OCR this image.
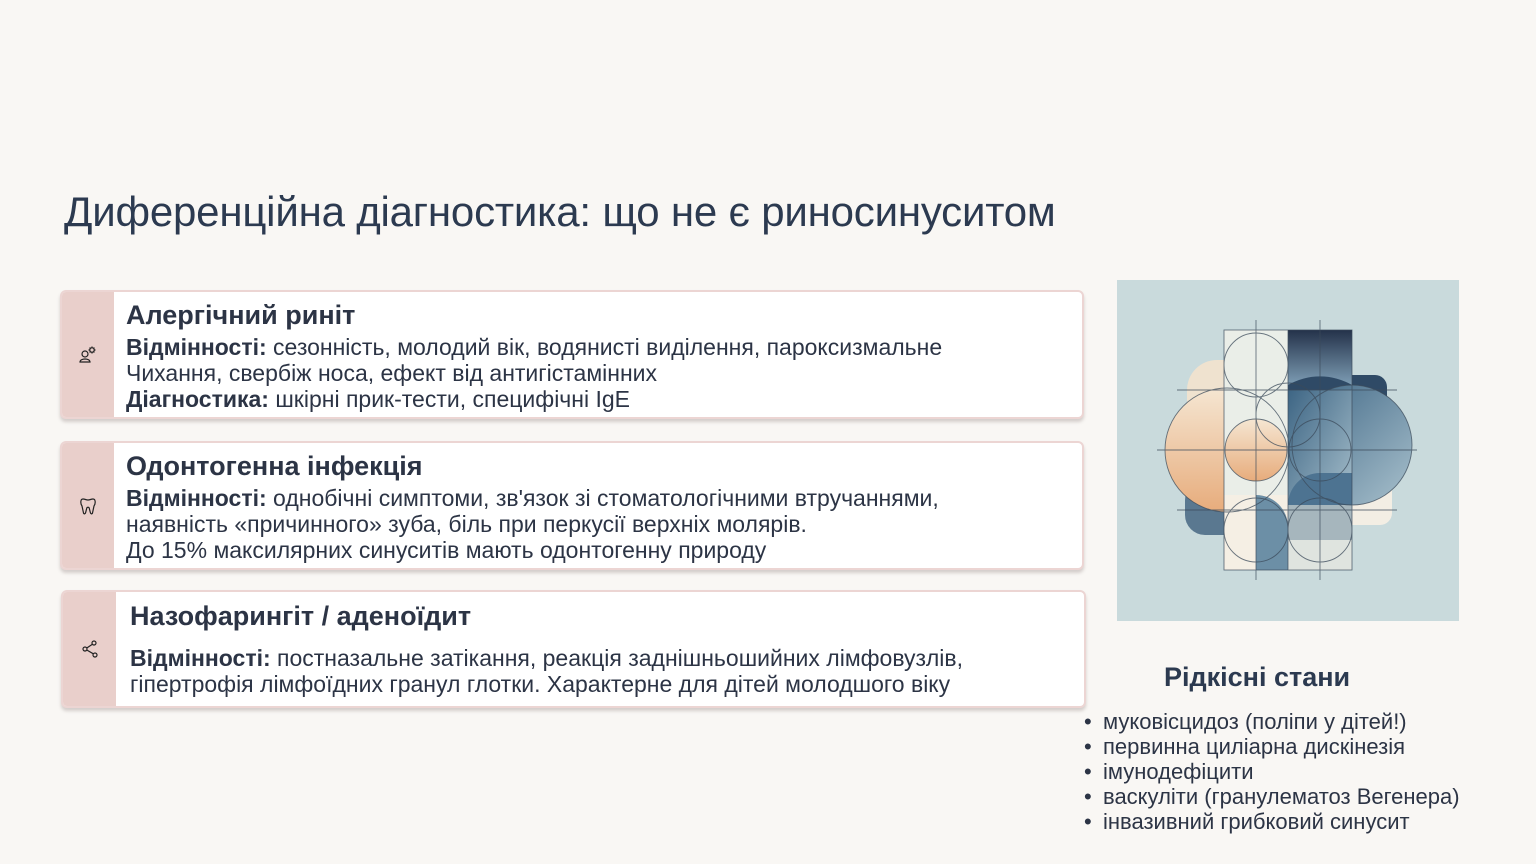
Диференційна діагностика: що не є риносинуситом

Алергічний риніт

Відмінності: сезонність, молодий вік, водянисті виділення, пароксизмальне

Чихання, свербіж носа, ефект від антигістамінних

Діагностика: шкірні прик-тести, специфічні IgE

Одонтогенна інфекція

Відмінності: однобічні симптоми, зв'язок зі стоматологічними втручаннями,

наявність «причинного» зуба, біль при перкусії верхніх молярів.

До 15% максилярних синуситів мають одонтогенну природу

Назофарингіт / аденоїдит

Відмінності: постназальне затікання, реакція заднішньошийних лімфовузлів,

гіпертрофія лімфоїдних гранул глотки. Характерне для дітей молодшого віку	Рідкісні стани
• муковісцидоз (поліпи у дітей!)
• первинна циліарна дискінезія
• імунодефіцити
• васкуліти (гранулематоз Вегенера)
• інвазивний грибковий синусит
